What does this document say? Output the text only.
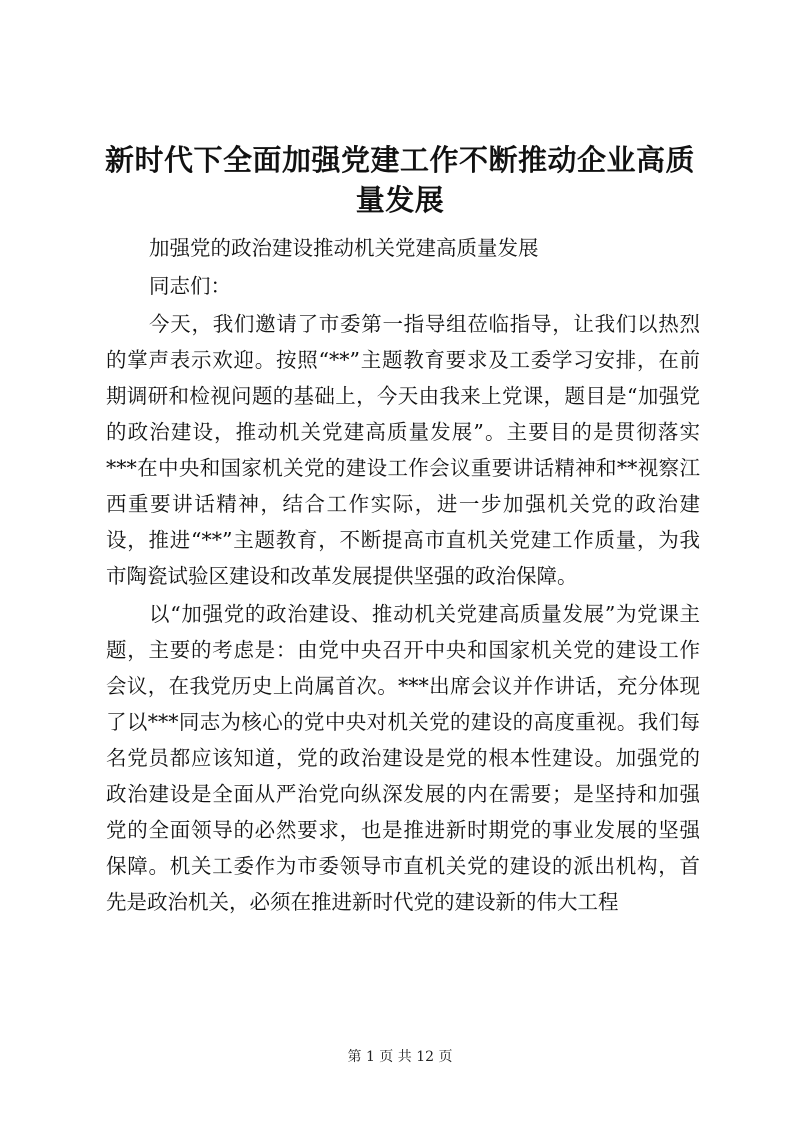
新时代下全面加强党建工作不断推动企业高质量发展

加强党的政治建设推动机关党建高质量发展

同志们：

今天，我们邀请了市委第一指导组莅临指导，让我们以热烈的掌声表示欢迎。按照“**”主题教育要求及工委学习安排，在前期调研和检视问题的基础上，今天由我来上党课，题目是“加强党的政治建设，推动机关党建高质量发展”。主要目的是贯彻落实***在中央和国家机关党的建设工作会议重要讲话精神和**视察江西重要讲话精神，结合工作实际，进一步加强机关党的政治建设，推进“**”主题教育，不断提高市直机关党建工作质量，为我市陶瓷试验区建设和改革发展提供坚强的政治保障。

以“加强党的政治建设、推动机关党建高质量发展”为党课主题，主要的考虑是：由党中央召开中央和国家机关党的建设工作会议，在我党历史上尚属首次。***出席会议并作讲话，充分体现了以***同志为核心的党中央对机关党的建设的高度重视。我们每名党员都应该知道，党的政治建设是党的根本性建设。加强党的政治建设是全面从严治党向纵深发展的内在需要；是坚持和加强党的全面领导的必然要求，也是推进新时期党的事业发展的坚强保障。机关工委作为市委领导市直机关党的建设的派出机构，首先是政治机关，必须在推进新时代党的建设新的伟大工程

第 1 页 共 12 页
